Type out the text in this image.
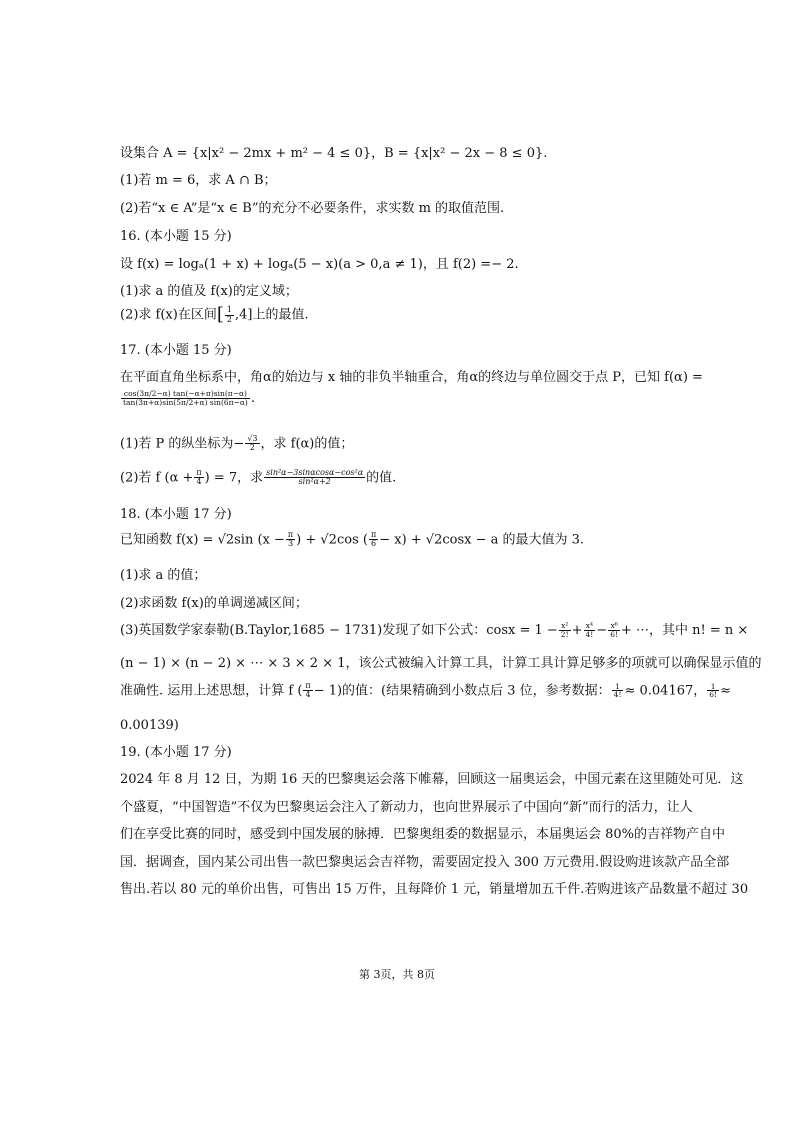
设集合 A = {x|x² − 2mx + m² − 4 ≤ 0}，B = {x|x² − 2x − 8 ≤ 0}.
(1)若 m = 6，求 A ∩ B；
(2)若“x ∈ A”是“x ∈ B”的充分不必要条件，求实数 m 的取值范围.
16. (本小题 15 分)
设 f(x) = logₐ(1 + x) + logₐ(5 − x)(a > 0,a ≠ 1)，且 f(2) =− 2.
(1)求 a 的值及 f(x)的定义域；
(2)求 f(x)在区间[ $\frac{1}{2} ,4$]上的最值.
17. (本小题 15 分)
在平面直角坐标系中，角α的始边与 x 轴的非负半轴重合，角α的终边与单位圆交于点 P，已知 f(α) =
$\frac{\cos(3\pi/2-\alpha) \tan(-\alpha+\pi)\sin(\pi-\alpha)}{\tan(3\pi+\alpha)\sin(5\pi/2+\alpha) \sin(6\pi-\alpha)}$ .
(1)若 P 的纵坐标为− $\frac{√3}{2}$ ，求 f(α)的值；
(2)若 f ($\alpha + \frac{\pi}{4}$ ) = 7，求 $\frac{\text{sin²α−3sinαcosα−cos²α}}{\text{sin²α+2}}$ 的值.
18. (本小题 17 分)
已知函数 f(x) = √2sin ($x - \frac{\pi}{3}$ ) + √2cos ( $\frac{\pi}{6} - x) + √2\cos x - a$ 的最大值为 3.
(1)求 a 的值；
(2)求函数 f(x)的单调递减区间；
(3)英国数学家泰勒(B.Taylor,1685 − 1731)发现了如下公式：$\cos x = 1 - \frac{\text{x²}}{2!} + \frac{\text{x⁴}}{4!} - \frac{\text{x⁶}}{6!}$ + ⋯，其中 n! = n ×
(n − 1) × (n − 2) × ⋯ × 3 × 2 × 1，该公式被编入计算工具，计算工具计算足够多的项就可以确保显示值的
准确性. 运用上述思想，计算 f ( $\frac{\pi}{4} - 1$)的值：(结果精确到小数点后 3 位，参考数据： $\frac{1}{4!} \approx 0.04167$， $\frac{1}{6!}$ ≈
0.00139)
19. (本小题 17 分)
2024 年 8 月 12 日，为期 16 天的巴黎奥运会落下帷幕，回顾这一届奥运会，中国元素在这里随处可见．这
个盛夏，“中国智造”不仅为巴黎奥运会注入了新动力，也向世界展示了中国向“新”而行的活力，让人
们在享受比赛的同时，感受到中国发展的脉搏．巴黎奥组委的数据显示，本届奥运会 80%的吉祥物产自中
国．据调查，国内某公司出售一款巴黎奥运会吉祥物，需要固定投入 300 万元费用.假设购进该款产品全部
售出.若以 80 元的单价出售，可售出 15 万件，且每降价 1 元，销量增加五千件.若购进该产品数量不超过 30
第 3页，共 8页
